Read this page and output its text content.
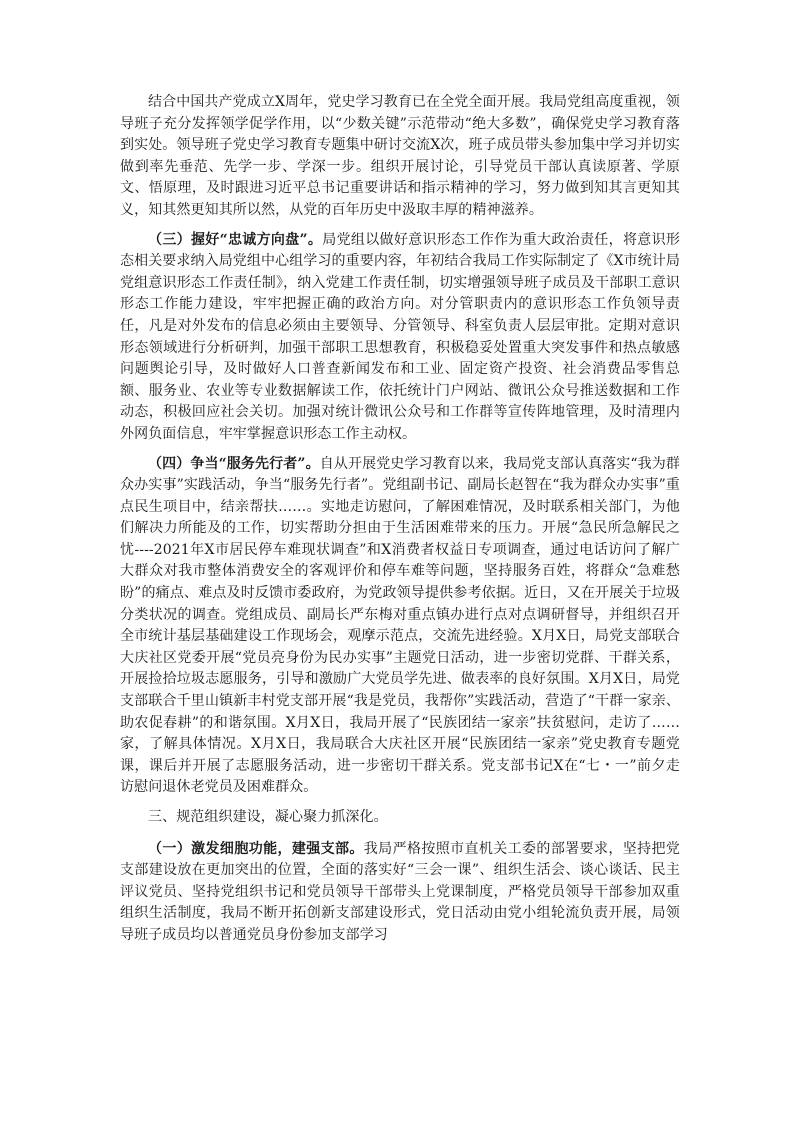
结合中国共产党成立X周年，党史学习教育已在全党全面开展。我局党组高度重视，领导班子充分发挥领学促学作用，以“少数关键”示范带动“绝大多数”，确保党史学习教育落到实处。领导班子党史学习教育专题集中研讨交流X次，班子成员带头参加集中学习并切实做到率先垂范、先学一步、学深一步。组织开展讨论，引导党员干部认真读原著、学原文、悟原理，及时跟进习近平总书记重要讲话和指示精神的学习，努力做到知其言更知其义，知其然更知其所以然，从党的百年历史中汲取丰厚的精神滋养。

（三）握好“忠诚方向盘”。局党组以做好意识形态工作作为重大政治责任，将意识形态相关要求纳入局党组中心组学习的重要内容，年初结合我局工作实际制定了《X市统计局党组意识形态工作责任制》，纳入党建工作责任制，切实增强领导班子成员及干部职工意识形态工作能力建设，牢牢把握正确的政治方向。对分管职责内的意识形态工作负领导责任，凡是对外发布的信息必须由主要领导、分管领导、科室负责人层层审批。定期对意识形态领域进行分析研判，加强干部职工思想教育，积极稳妥处置重大突发事件和热点敏感问题舆论引导，及时做好人口普查新闻发布和工业、固定资产投资、社会消费品零售总额、服务业、农业等专业数据解读工作，依托统计门户网站、微讯公众号推送数据和工作动态，积极回应社会关切。加强对统计微讯公众号和工作群等宣传阵地管理，及时清理内外网负面信息，牢牢掌握意识形态工作主动权。

（四）争当“服务先行者”。自从开展党史学习教育以来，我局党支部认真落实“我为群众办实事”实践活动，争当“服务先行者”。党组副书记、副局长赵智在“我为群众办实事”重点民生项目中，结亲帮扶……。实地走访慰问，了解困难情况，及时联系相关部门，为他们解决力所能及的工作，切实帮助分担由于生活困难带来的压力。开展“急民所急解民之忧----2021年X市居民停车难现状调查”和X消费者权益日专项调查，通过电话访问了解广大群众对我市整体消费安全的客观评价和停车难等问题，坚持服务百姓，将群众“急难愁盼”的痛点、难点及时反馈市委政府，为党政领导提供参考依据。近日，又在开展关于垃圾分类状况的调查。党组成员、副局长严东梅对重点镇办进行点对点调研督导，并组织召开全市统计基层基础建设工作现场会，观摩示范点，交流先进经验。X月X日，局党支部联合大庆社区党委开展“党员亮身份为民办实事”主题党日活动，进一步密切党群、干群关系，开展捡拾垃圾志愿服务，引导和激励广大党员学先进、做表率的良好氛围。X月X日，局党支部联合千里山镇新丰村党支部开展“我是党员，我帮你”实践活动，营造了“干群一家亲、助农促春耕”的和谐氛围。X月X日，我局开展了“民族团结一家亲”扶贫慰问，走访了……家，了解具体情况。X月X日，我局联合大庆社区开展“民族团结一家亲”党史教育专题党课，课后并开展了志愿服务活动，进一步密切干群关系。党支部书记X在“七・一”前夕走访慰问退休老党员及困难群众。

三、规范组织建设，凝心聚力抓深化。

（一）激发细胞功能，建强支部。我局严格按照市直机关工委的部署要求，坚持把党支部建设放在更加突出的位置，全面的落实好“三会一课”、组织生活会、谈心谈话、民主评议党员、坚持党组织书记和党员领导干部带头上党课制度，严格党员领导干部参加双重组织生活制度，我局不断开拓创新支部建设形式，党日活动由党小组轮流负责开展，局领导班子成员均以普通党员身份参加支部学习
